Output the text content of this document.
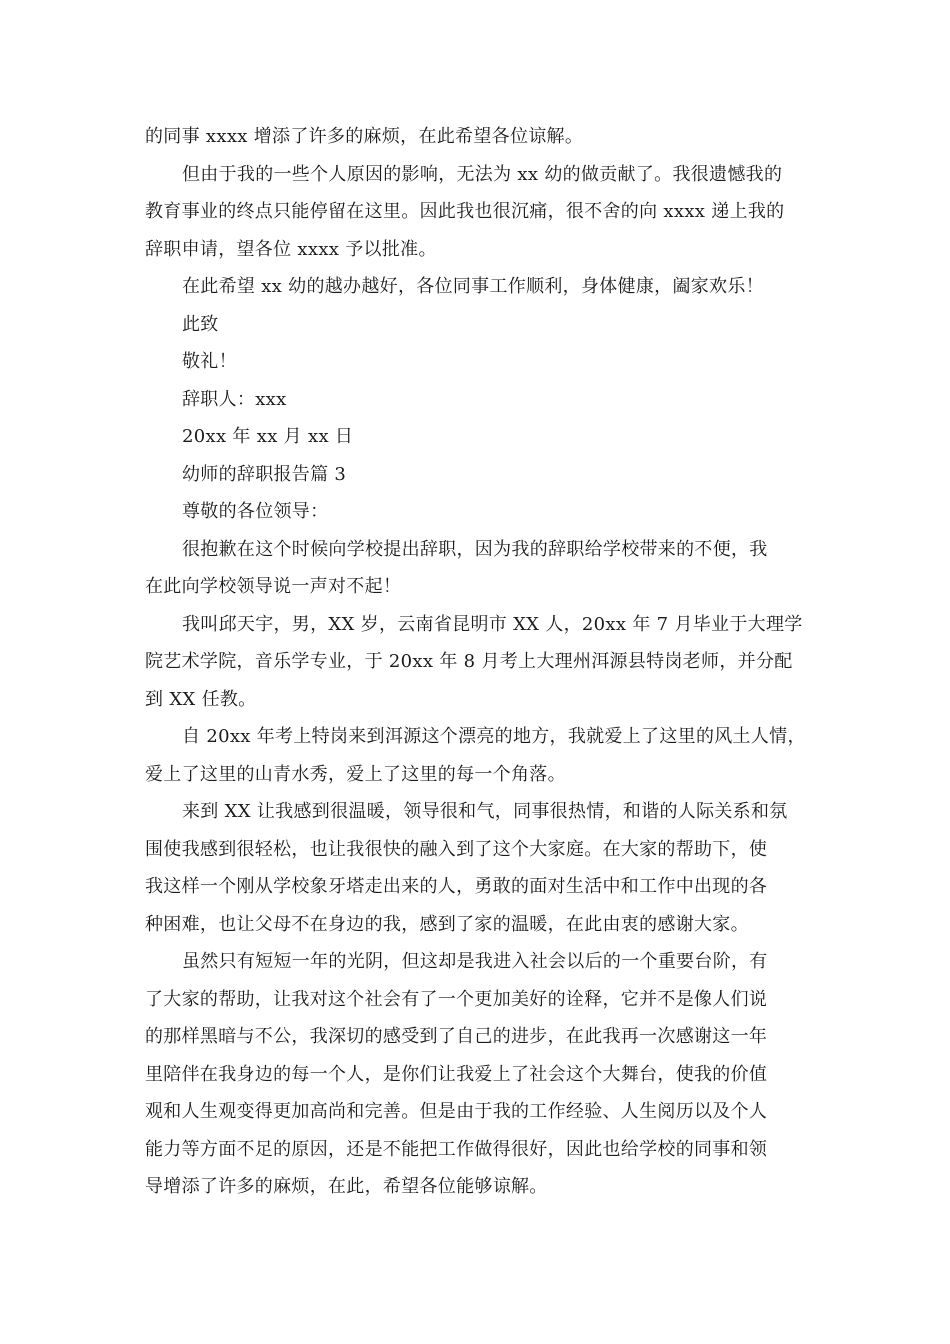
的同事 xxxx 增添了许多的麻烦，在此希望各位谅解。
但由于我的一些个人原因的影响，无法为 xx 幼的做贡献了。我很遗憾我的
教育事业的终点只能停留在这里。因此我也很沉痛，很不舍的向 xxxx 递上我的
辞职申请，望各位 xxxx 予以批准。
在此希望 xx 幼的越办越好，各位同事工作顺利，身体健康，阖家欢乐！
此致
敬礼！
辞职人：xxx
20xx 年 xx 月 xx 日
幼师的辞职报告篇 3
尊敬的各位领导：
很抱歉在这个时候向学校提出辞职，因为我的辞职给学校带来的不便，我
在此向学校领导说一声对不起！
我叫邱天宇，男，XX 岁，云南省昆明市 XX 人，20xx 年 7 月毕业于大理学
院艺术学院，音乐学专业，于 20xx 年 8 月考上大理州洱源县特岗老师，并分配
到 XX 任教。
自 20xx 年考上特岗来到洱源这个漂亮的地方，我就爱上了这里的风土人情，
爱上了这里的山青水秀，爱上了这里的每一个角落。
来到 XX 让我感到很温暖，领导很和气，同事很热情，和谐的人际关系和氛
围使我感到很轻松，也让我很快的融入到了这个大家庭。在大家的帮助下，使
我这样一个刚从学校象牙塔走出来的人，勇敢的面对生活中和工作中出现的各
种困难，也让父母不在身边的我，感到了家的温暖，在此由衷的感谢大家。
虽然只有短短一年的光阴，但这却是我进入社会以后的一个重要台阶，有
了大家的帮助，让我对这个社会有了一个更加美好的诠释，它并不是像人们说
的那样黑暗与不公，我深切的感受到了自己的进步，在此我再一次感谢这一年
里陪伴在我身边的每一个人，是你们让我爱上了社会这个大舞台，使我的价值
观和人生观变得更加高尚和完善。但是由于我的工作经验、人生阅历以及个人
能力等方面不足的原因，还是不能把工作做得很好，因此也给学校的同事和领
导增添了许多的麻烦，在此，希望各位能够谅解。
